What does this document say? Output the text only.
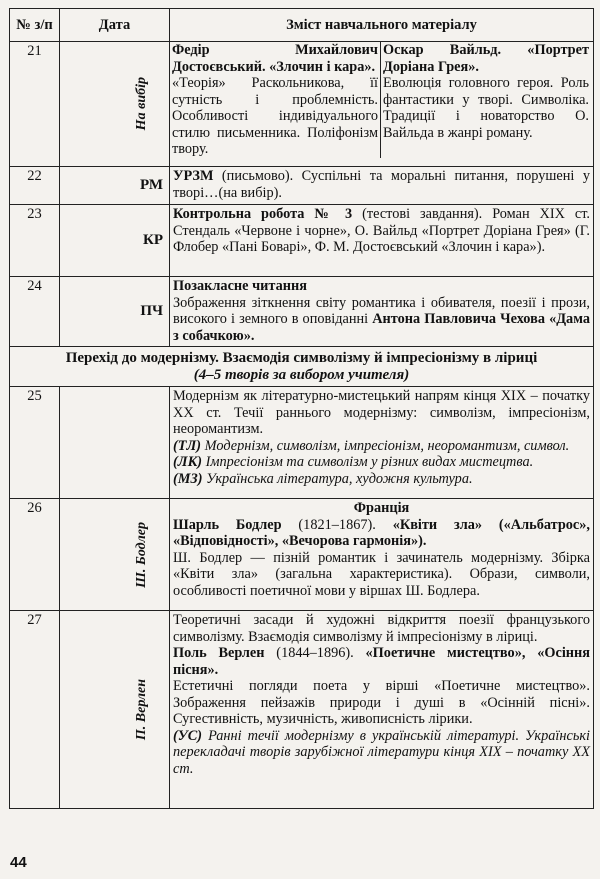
№ з/п	Дата	Зміст навчального матеріалу
21	На вибір	Федір Михайлович Достоєвський. «Злочин і кара».
«Теорія» Раскольникова, її сутність і проблемність. Особливості індивідуального стилю письменника. Поліфонізм твору.
Оскар Вайльд. «Портрет Доріана Грея».
Еволюція головного героя. Роль фантастики у творі. Символіка. Традиції і новаторство О. Вайльда в жанрі роману.

22	РМ	УРЗМ (письмово). Суспільні та моральні питання, порушені у творі…(на вибір).
23	КР	Контрольна робота № 3 (тестові завдання). Роман XIX ст. Стендаль «Червоне і чорне», О. Вайльд «Портрет Доріана Грея» (Г. Флобер «Пані Боварі», Ф. М. Достоєвський «Злочин і кара»).
24	ПЧ	Позакласне читання
Зображення зіткнення світу романтика і обивателя, поезії і прози, високого і земного в оповіданні Антона Павловича Чехова «Дама з собачкою».
Перехід до модернізму. Взаємодія символізму й імпресіонізму в ліриці
(4–5 творів за вибором учителя)		
25		Модернізм як літературно-мистецький напрям кінця XIX – початку XX ст. Течії раннього модернізму: символізм, імпресіонізм, неоромантизм.
(ТЛ) Модернізм, символізм, імпресіонізм, неоромантизм, символ.
(ЛК) Імпресіонізм та символізм у різних видах мистецтва.
(МЗ) Українська література, художня культура.
26	Ш. Бодлер	Франція
Шарль Бодлер (1821–1867). «Квіти зла» («Альбатрос», «Відповідності», «Вечорова гармонія»).
Ш. Бодлер — пізній романтик і зачинатель модернізму. Збірка «Квіти зла» (загальна характеристика). Образи, символи, особливості поетичної мови у віршах Ш. Бодлера.
27	П. Верлен	Теоретичні засади й художні відкриття поезії французького символізму. Взаємодія символізму й імпресіонізму в ліриці.
Поль Верлен (1844–1896). «Поетичне мистецтво», «Осіння пісня».
Естетичні погляди поета у вірші «Поетичне мистецтво». Зображення пейзажів природи і душі в «Осінній пісні». Сугестивність, музичність, живописність лірики.
(УС) Ранні течії модернізму в українській літературі. Українські перекладачі творів зарубіжної літератури кінця XIX – початку XX ст.
44
